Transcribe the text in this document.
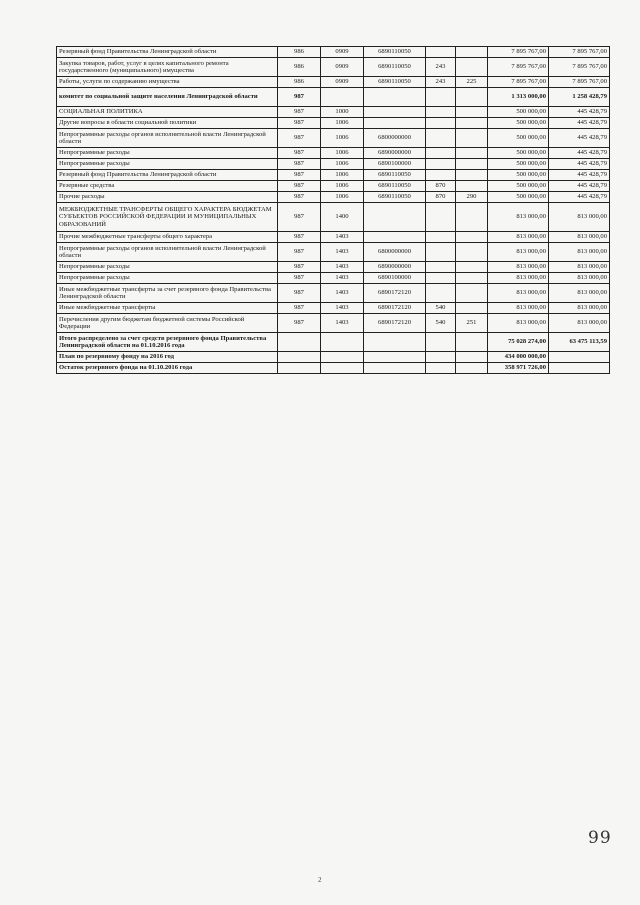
Резервный фонд Правительства Ленинградской области	986	0909	6890110050			7 895 767,00	7 895 767,00
Закупка товаров, работ, услуг в целях капитального ремонта государственного (муниципального) имущества	986	0909	6890110050	243		7 895 767,00	7 895 767,00
Работы, услуги по содержанию имущества	986	0909	6890110050	243	225	7 895 767,00	7 895 767,00
комитет по социальной защите населения Ленинградской области	987					1 313 000,00	1 258 428,79
СОЦИАЛЬНАЯ ПОЛИТИКА	987	1000				500 000,00	445 428,79
Другие вопросы в области социальной политики	987	1006				500 000,00	445 428,79
Непрограммные расходы органов исполнительной власти Ленинградской области	987	1006	6800000000			500 000,00	445 428,79
Непрограммные расходы	987	1006	6890000000			500 000,00	445 428,79
Непрограммные расходы	987	1006	6890100000			500 000,00	445 428,79
Резервный фонд Правительства Ленинградской области	987	1006	6890110050			500 000,00	445 428,79
Резервные средства	987	1006	6890110050	870		500 000,00	445 428,79
Прочие расходы	987	1006	6890110050	870	290	500 000,00	445 428,79
МЕЖБЮДЖЕТНЫЕ ТРАНСФЕРТЫ ОБЩЕГО ХАРАКТЕРА БЮДЖЕТАМ СУБЪЕКТОВ РОССИЙСКОЙ ФЕДЕРАЦИИ И МУНИЦИПАЛЬНЫХ ОБРАЗОВАНИЙ	987	1400				813 000,00	813 000,00
Прочие межбюджетные трансферты общего характера	987	1403				813 000,00	813 000,00
Непрограммные расходы органов исполнительной власти Ленинградской области	987	1403	6800000000			813 000,00	813 000,00
Непрограммные расходы	987	1403	6890000000			813 000,00	813 000,00
Непрограммные расходы	987	1403	6890100000			813 000,00	813 000,00
Иные межбюджетные трансферты за счет резервного фонда Правительства Ленинградской области	987	1403	6890172120			813 000,00	813 000,00
Иные межбюджетные трансферты	987	1403	6890172120	540		813 000,00	813 000,00
Перечисления другим бюджетам бюджетной системы Российской Федерации	987	1403	6890172120	540	251	813 000,00	813 000,00
Итого распределено за счет средств резервного фонда Правительства Ленинградской области на 01.10.2016 года						75 028 274,00	63 475 113,59
План по резервному фонду на 2016 год						434 000 000,00	
Остаток резервного фонда на 01.10.2016 года						358 971 726,00	
99
2
